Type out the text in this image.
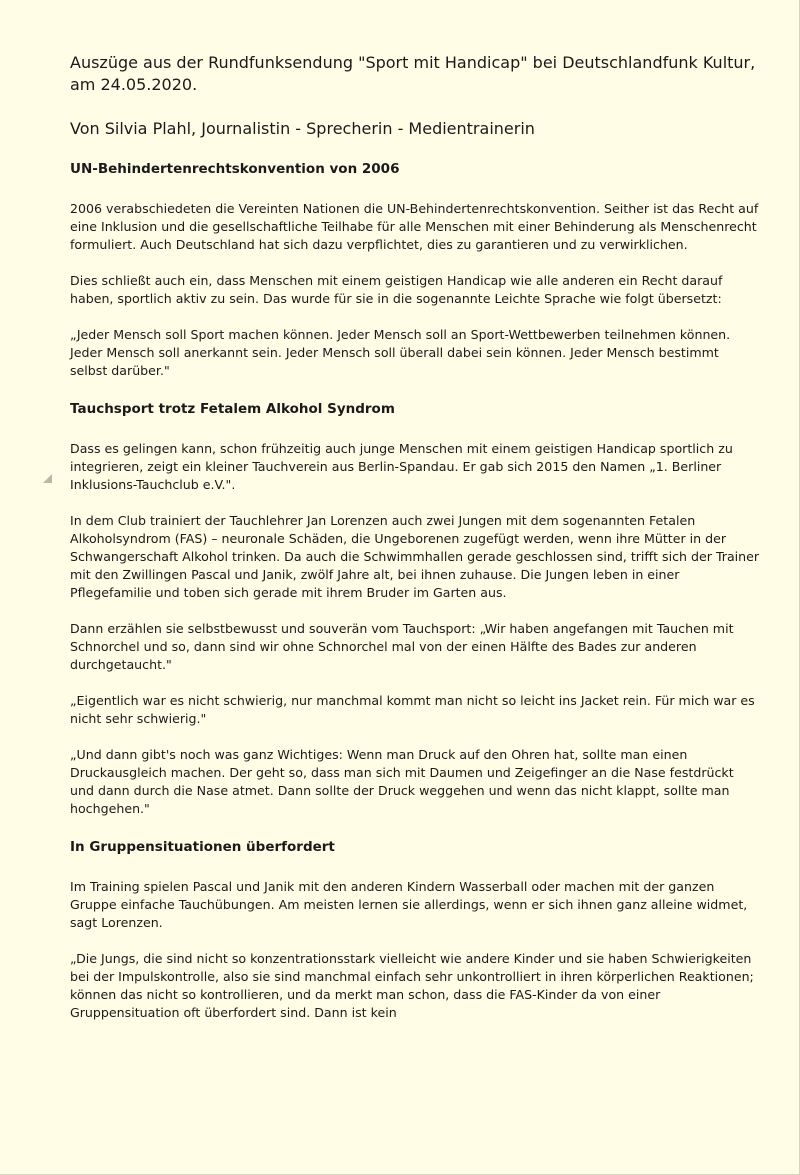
Auszüge aus der Rundfunksendung "Sport mit Handicap" bei Deutschlandfunk Kultur, am 24.05.2020.

Von Silvia Plahl, Journalistin - Sprecherin - Medientrainerin

UN-Behindertenrechtskonvention von 2006

2006 verabschiedeten die Vereinten Nationen die UN-Behindertenrechtskonvention. Seither ist das Recht auf eine Inklusion und die gesellschaftliche Teilhabe für alle Menschen mit einer Behinderung als Menschenrecht formuliert. Auch Deutschland hat sich dazu verpflichtet, dies zu garantieren und zu verwirklichen.

Dies schließt auch ein, dass Menschen mit einem geistigen Handicap wie alle anderen ein Recht darauf haben, sportlich aktiv zu sein. Das wurde für sie in die sogenannte Leichte Sprache wie folgt übersetzt:

„Jeder Mensch soll Sport machen können. Jeder Mensch soll an Sport-Wettbewerben teilnehmen können. Jeder Mensch soll anerkannt sein. Jeder Mensch soll überall dabei sein können. Jeder Mensch bestimmt selbst darüber."

Tauchsport trotz Fetalem Alkohol Syndrom

Dass es gelingen kann, schon frühzeitig auch junge Menschen mit einem geistigen Handicap sportlich zu integrieren, zeigt ein kleiner Tauchverein aus Berlin-Spandau. Er gab sich 2015 den Namen „1. Berliner Inklusions-Tauchclub e.V.".

In dem Club trainiert der Tauchlehrer Jan Lorenzen auch zwei Jungen mit dem sogenannten Fetalen Alkoholsyndrom (FAS) – neuronale Schäden, die Ungeborenen zugefügt werden, wenn ihre Mütter in der Schwangerschaft Alkohol trinken. Da auch die Schwimmhallen gerade geschlossen sind, trifft sich der Trainer mit den Zwillingen Pascal und Janik, zwölf Jahre alt, bei ihnen zuhause. Die Jungen leben in einer Pflegefamilie und toben sich gerade mit ihrem Bruder im Garten aus.

Dann erzählen sie selbstbewusst und souverän vom Tauchsport: „Wir haben angefangen mit Tauchen mit Schnorchel und so, dann sind wir ohne Schnorchel mal von der einen Hälfte des Bades zur anderen durchgetaucht."

„Eigentlich war es nicht schwierig, nur manchmal kommt man nicht so leicht ins Jacket rein. Für mich war es nicht sehr schwierig."

„Und dann gibt's noch was ganz Wichtiges: Wenn man Druck auf den Ohren hat, sollte man einen Druckausgleich machen. Der geht so, dass man sich mit Daumen und Zeigefinger an die Nase festdrückt und dann durch die Nase atmet. Dann sollte der Druck weggehen und wenn das nicht klappt, sollte man hochgehen."

In Gruppensituationen überfordert

Im Training spielen Pascal und Janik mit den anderen Kindern Wasserball oder machen mit der ganzen Gruppe einfache Tauchübungen. Am meisten lernen sie allerdings, wenn er sich ihnen ganz alleine widmet, sagt Lorenzen.

„Die Jungs, die sind nicht so konzentrationsstark vielleicht wie andere Kinder und sie haben Schwierigkeiten bei der Impulskontrolle, also sie sind manchmal einfach sehr unkontrolliert in ihren körperlichen Reaktionen; können das nicht so kontrollieren, und da merkt man schon, dass die FAS-Kinder da von einer Gruppensituation oft überfordert sind. Dann ist kein
